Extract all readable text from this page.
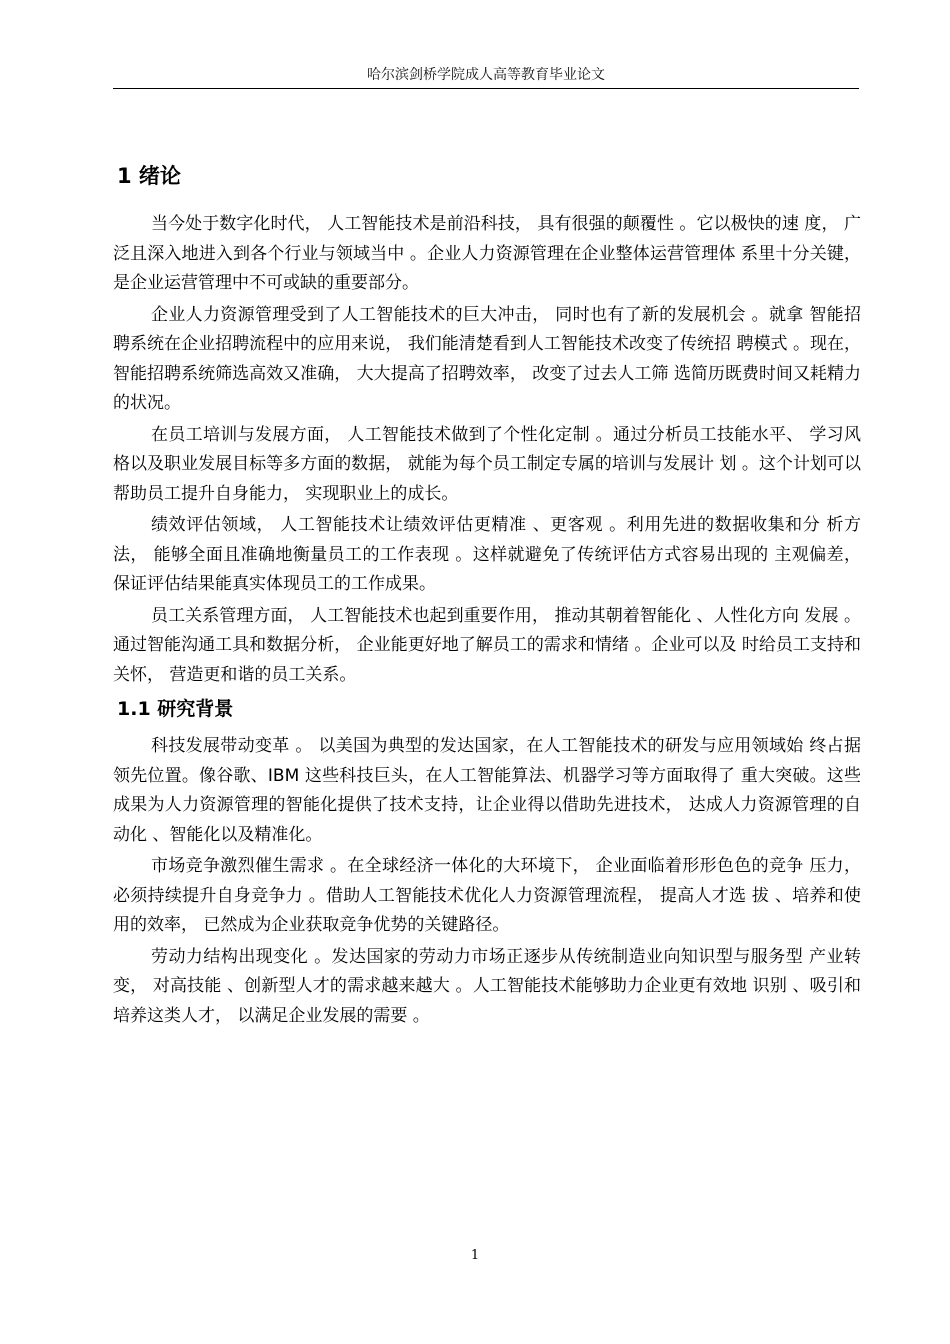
哈尔滨剑桥学院成人高等教育毕业论文
1 绪论

当今处于数字化时代， 人工智能技术是前沿科技， 具有很强的颠覆性 。它以极快的速 度， 广泛且深入地进入到各个行业与领域当中 。企业人力资源管理在企业整体运营管理体 系里十分关键， 是企业运营管理中不可或缺的重要部分。

企业人力资源管理受到了人工智能技术的巨大冲击， 同时也有了新的发展机会 。就拿 智能招聘系统在企业招聘流程中的应用来说， 我们能清楚看到人工智能技术改变了传统招 聘模式 。现在， 智能招聘系统筛选高效又准确， 大大提高了招聘效率， 改变了过去人工筛 选简历既费时间又耗精力的状况。

在员工培训与发展方面， 人工智能技术做到了个性化定制 。通过分析员工技能水平、 学习风格以及职业发展目标等多方面的数据， 就能为每个员工制定专属的培训与发展计 划 。这个计划可以帮助员工提升自身能力， 实现职业上的成长。

绩效评估领域， 人工智能技术让绩效评估更精准 、更客观 。利用先进的数据收集和分 析方法， 能够全面且准确地衡量员工的工作表现 。这样就避免了传统评估方式容易出现的 主观偏差， 保证评估结果能真实体现员工的工作成果。

员工关系管理方面， 人工智能技术也起到重要作用， 推动其朝着智能化 、人性化方向 发展 。通过智能沟通工具和数据分析， 企业能更好地了解员工的需求和情绪 。企业可以及 时给员工支持和关怀， 营造更和谐的员工关系。

1.1 研究背景

科技发展带动变革 。 以美国为典型的发达国家，在人工智能技术的研发与应用领域始 终占据领先位置。像谷歌、IBM 这些科技巨头，在人工智能算法、机器学习等方面取得了 重大突破。这些成果为人力资源管理的智能化提供了技术支持，让企业得以借助先进技术， 达成人力资源管理的自动化 、智能化以及精准化。

市场竞争激烈催生需求 。在全球经济一体化的大环境下， 企业面临着形形色色的竞争 压力， 必须持续提升自身竞争力 。借助人工智能技术优化人力资源管理流程， 提高人才选 拔 、培养和使用的效率， 已然成为企业获取竞争优势的关键路径。

劳动力结构出现变化 。发达国家的劳动力市场正逐步从传统制造业向知识型与服务型 产业转变， 对高技能 、创新型人才的需求越来越大 。人工智能技术能够助力企业更有效地 识别 、吸引和培养这类人才， 以满足企业发展的需要 。

1
